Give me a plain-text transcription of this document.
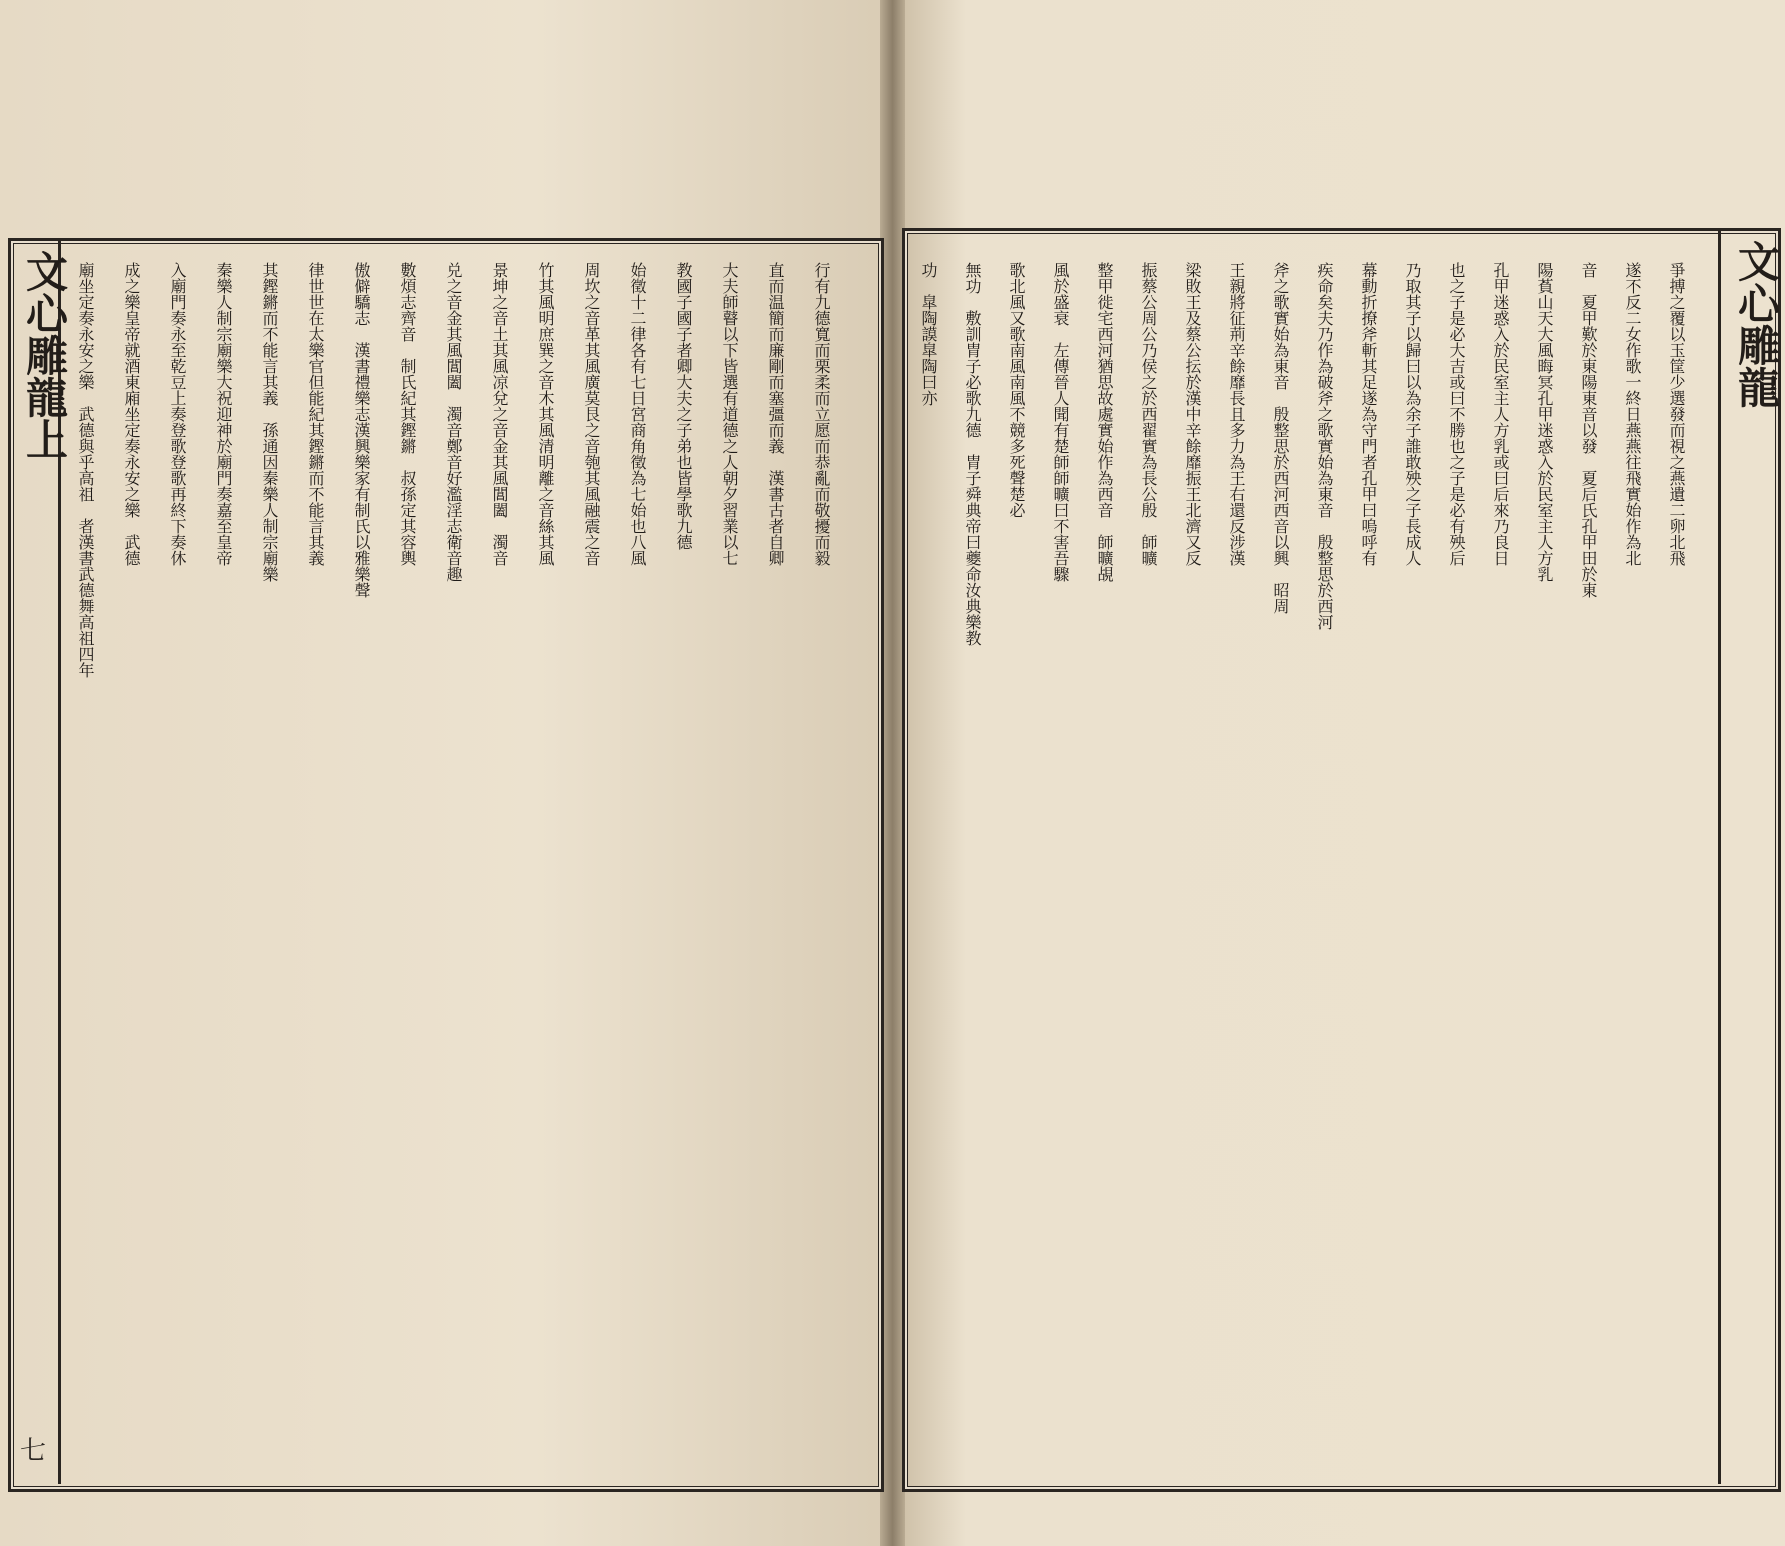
文心雕龍上
七
文心雕龍
行有九德寬而栗柔而立愿而恭亂而敬擾而毅
直而温簡而廉剛而塞彊而義　漢書古者自卿
大夫師瞽以下皆選有道德之人朝夕習業以七
教國子國子者卿大夫之子弟也皆學歌九德
始徵十二律各有七日宮商角徵為七始也八風
周坎之音革其風廣莫艮之音匏其風融震之音
竹其風明庶巽之音木其風清明離之音絲其風
景坤之音土其風凉兌之音金其風閶闔　濁音
兑之音金其風閶闔　濁音鄭音好濫淫志衛音趣
數煩志齊音　制氏紀其鏗鏘　叔孫定其容輿
傲僻驕志　漢書禮樂志漢興樂家有制氏以雅樂聲
律世世在太樂官但能紀其鏗鏘而不能言其義
其鏗鏘而不能言其義　孫通因秦樂人制宗廟樂
秦樂人制宗廟樂大祝迎神於廟門奏嘉至皇帝
入廟門奏永至乾豆上奏登歌登歌再終下奏休
成之樂皇帝就酒東廂坐定奏永安之樂　武德
廟坐定奏永安之樂　武德與乎高祖　者漢書武德舞高祖四年	爭搏之覆以玉筐少選發而視之燕遺二卵北飛
遂不反二女作歌一終日燕燕往飛實始作為北
音　夏甲歎於東陽東音以發　夏后氏孔甲田於東
陽萯山天大風晦冥孔甲迷惑入於民室主人方乳
孔甲迷惑入於民室主人方乳或曰后來乃良日
也之子是必大吉或曰不勝也之子是必有殃后
乃取其子以歸曰以為余子誰敢殃之子長成人
幕動折撩斧斬其足遂為守門者孔甲曰嗚呼有
疾命矣夫乃作為破斧之歌實始為東音　殷整思於西河
斧之歌實始為東音　殷整思於西河西音以興　昭周
王親將征荊辛餘靡長且多力為王右還反涉漢
梁敗王及蔡公抎於漢中辛餘靡振王北濟又反
振蔡公周公乃侯之於西翟實為長公殷　師曠
整甲徙宅西河猶思故處實始作為西音　師曠覘
風於盛衰　左傳晉人聞有楚師師曠曰不害吾驟
歌北風又歌南風南風不競多死聲楚必
無功　敷訓胄子必歌九德　胄子舜典帝曰夔命汝典樂教
功　皐陶謨皐陶曰亦
